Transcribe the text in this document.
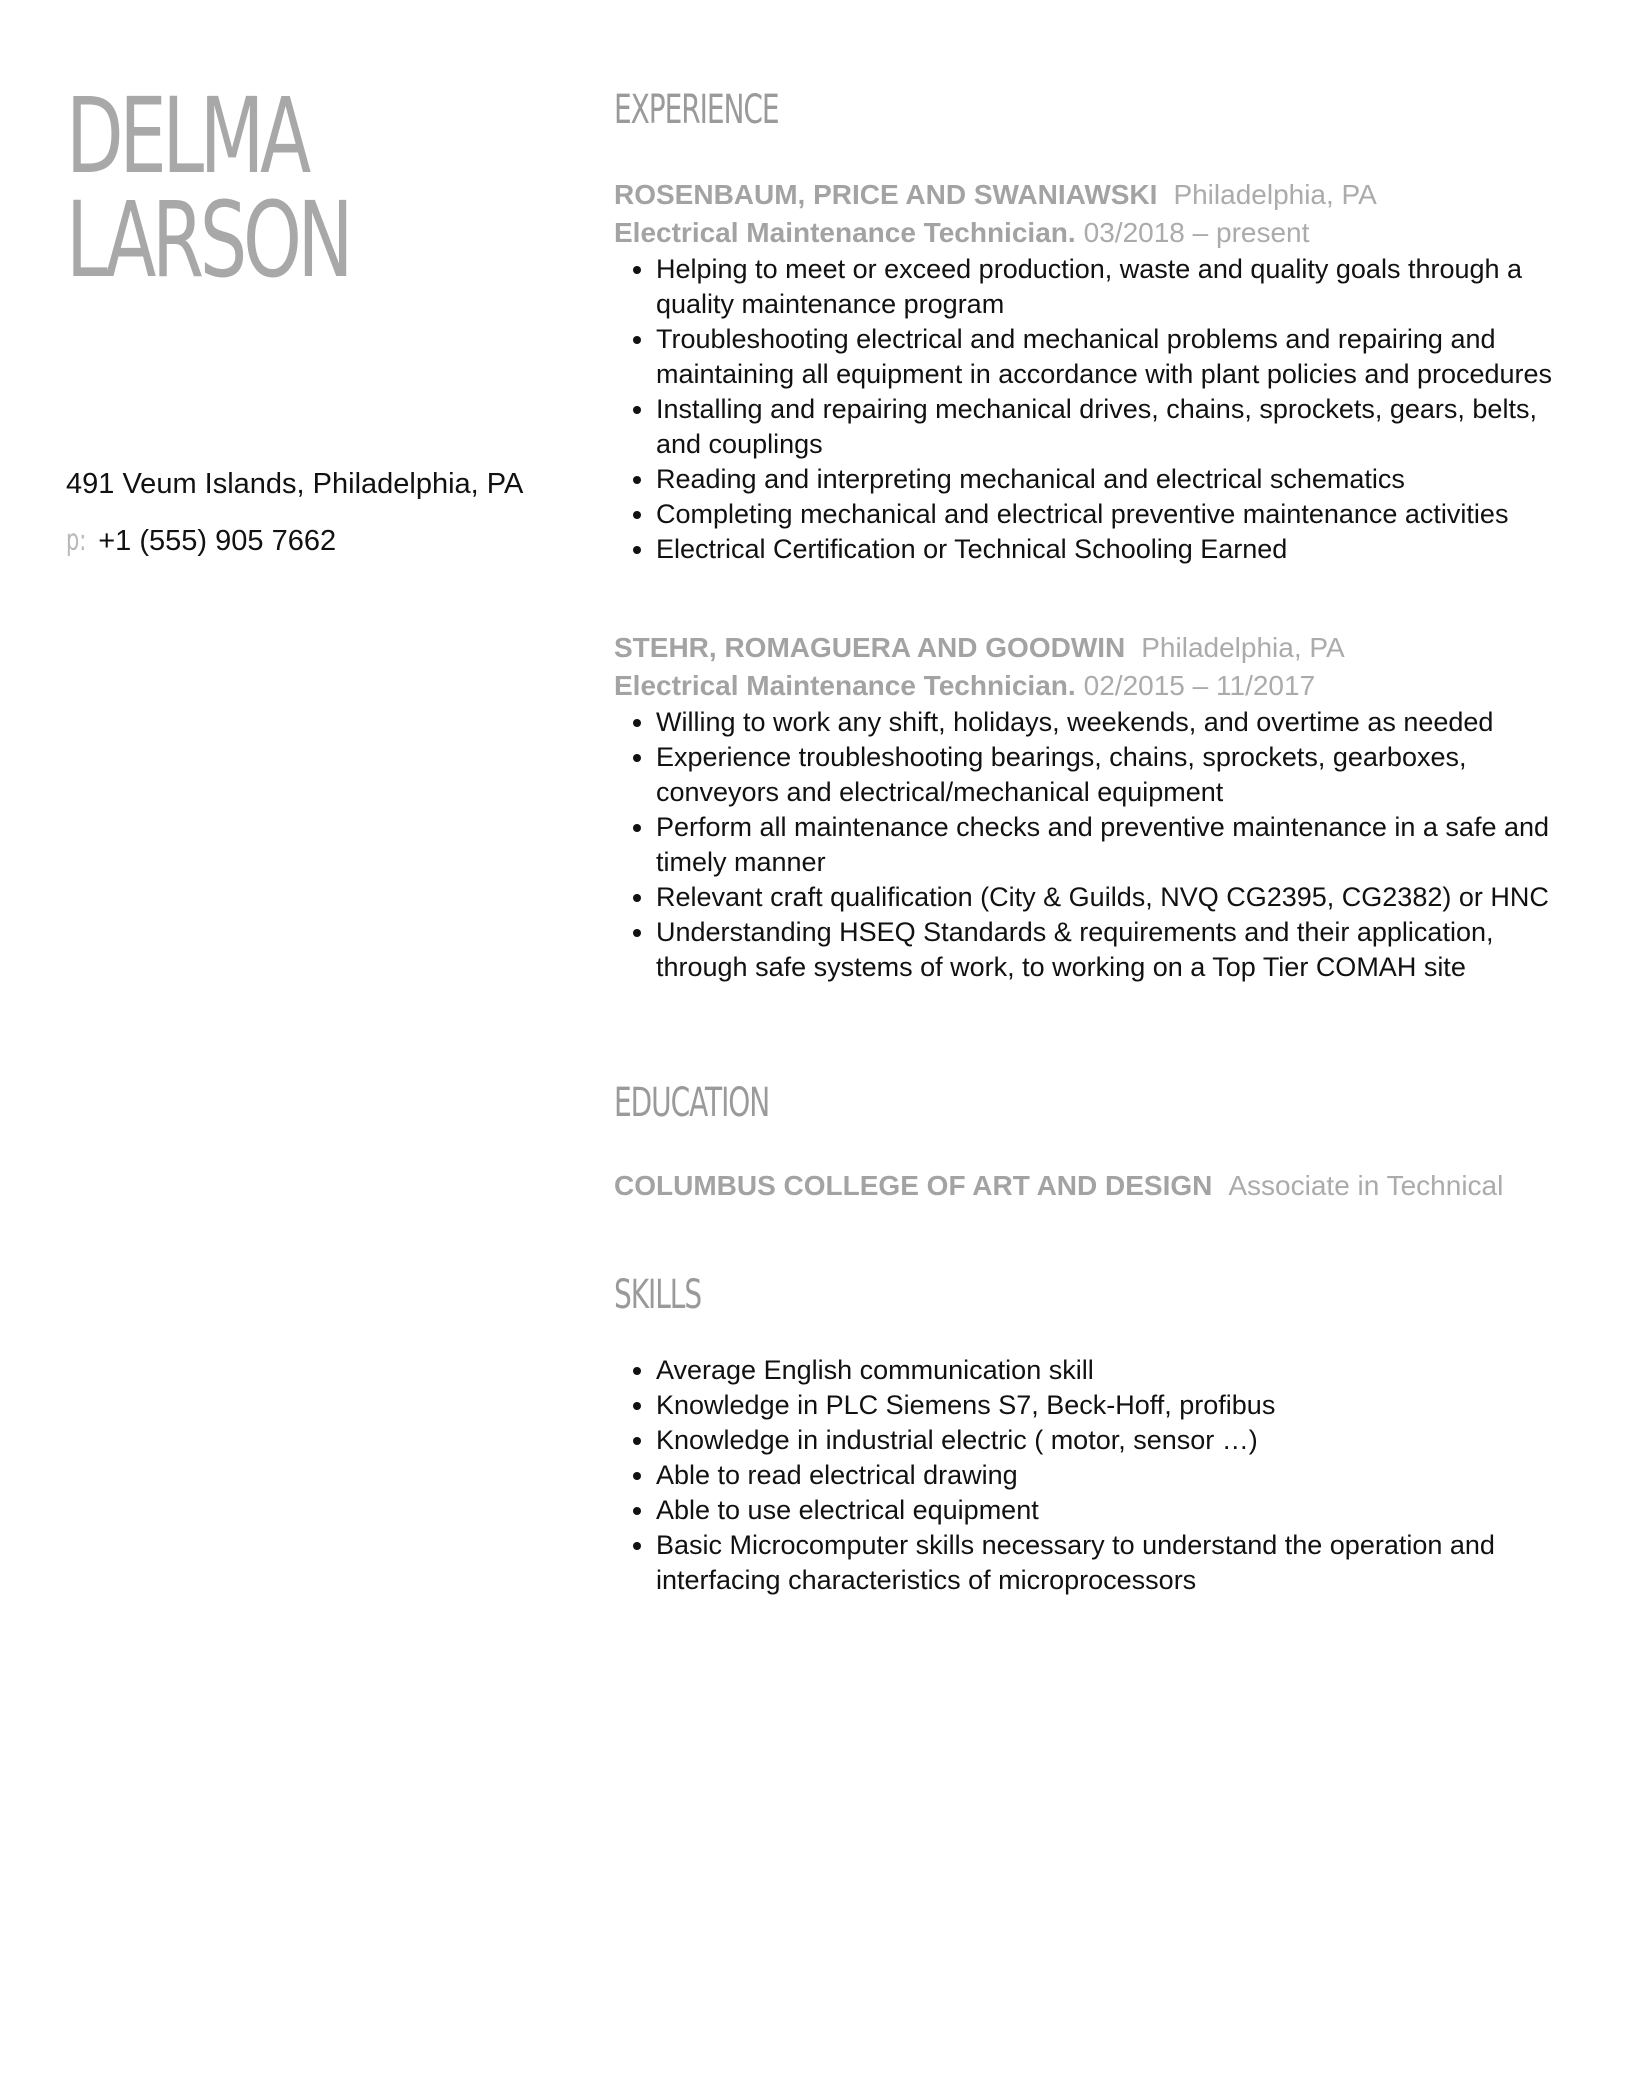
DELMA
LARSON
491 Veum Islands, Philadelphia, PA
p: +1 (555) 905 7662
EXPERIENCE
ROSENBAUM, PRICE AND SWANIAWSKI Philadelphia, PA
Electrical Maintenance Technician. 03/2018 – present
Helping to meet or exceed production, waste and quality goals through a quality maintenance program
Troubleshooting electrical and mechanical problems and repairing and maintaining all equipment in accordance with plant policies and procedures
Installing and repairing mechanical drives, chains, sprockets, gears, belts, and couplings
Reading and interpreting mechanical and electrical schematics
Completing mechanical and electrical preventive maintenance activities
Electrical Certification or Technical Schooling Earned
STEHR, ROMAGUERA AND GOODWIN Philadelphia, PA
Electrical Maintenance Technician. 02/2015 – 11/2017
Willing to work any shift, holidays, weekends, and overtime as needed
Experience troubleshooting bearings, chains, sprockets, gearboxes, conveyors and electrical/mechanical equipment
Perform all maintenance checks and preventive maintenance in a safe and timely manner
Relevant craft qualification (City & Guilds, NVQ CG2395, CG2382) or HNC
Understanding HSEQ Standards & requirements and their application, through safe systems of work, to working on a Top Tier COMAH site
EDUCATION
COLUMBUS COLLEGE OF ART AND DESIGN Associate in Technical
SKILLS
Average English communication skill
Knowledge in PLC Siemens S7, Beck-Hoff, profibus
Knowledge in industrial electric ( motor, sensor …)
Able to read electrical drawing
Able to use electrical equipment
Basic Microcomputer skills necessary to understand the operation and interfacing characteristics of microprocessors
